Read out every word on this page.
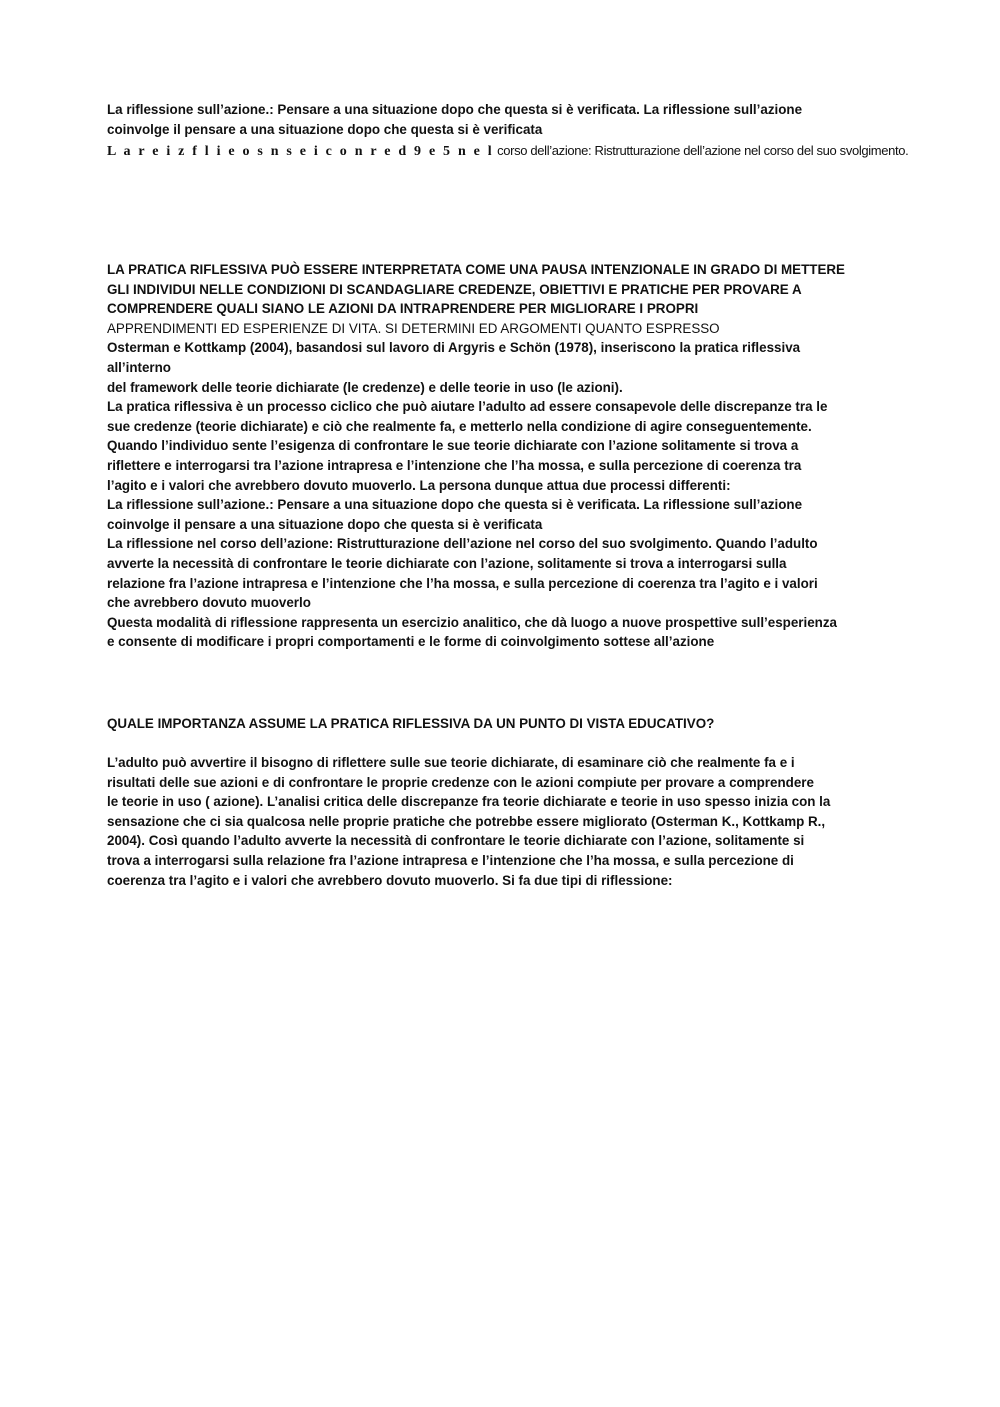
La riflessione sull’azione.: Pensare a una situazione dopo che questa si è verificata. La riflessione sull’azione

coinvolge il pensare a una situazione dopo che questa si è verificata

L a r e i z f l i e o s n s e i c o n r e d 9 e 5 n e l corso dell’azione: Ristrutturazione dell’azione nel corso del suo svolgimento.

LA PRATICA RIFLESSIVA PUÒ ESSERE INTERPRETATA COME UNA PAUSA INTENZIONALE IN GRADO DI METTERE

GLI INDIVIDUI NELLE CONDIZIONI DI SCANDAGLIARE CREDENZE, OBIETTIVI E PRATICHE PER PROVARE A

COMPRENDERE QUALI SIANO LE AZIONI DA INTRAPRENDERE PER MIGLIORARE I PROPRI

APPRENDIMENTI ED ESPERIENZE DI VITA. SI DETERMINI ED ARGOMENTI QUANTO ESPRESSO

Osterman e Kottkamp (2004), basandosi sul lavoro di Argyris e Schön (1978), inseriscono la pratica riflessiva

all’interno

del framework delle teorie dichiarate (le credenze) e delle teorie in uso (le azioni).

La pratica riflessiva è un processo ciclico che può aiutare l’adulto ad essere consapevole delle discrepanze tra le

sue credenze (teorie dichiarate) e ciò che realmente fa, e metterlo nella condizione di agire conseguentemente.

Quando l’individuo sente l’esigenza di confrontare le sue teorie dichiarate con l’azione solitamente si trova a

riflettere e interrogarsi tra l’azione intrapresa e l’intenzione che l’ha mossa, e sulla percezione di coerenza tra

l’agito e i valori che avrebbero dovuto muoverlo. La persona dunque attua due processi differenti:

La riflessione sull’azione.: Pensare a una situazione dopo che questa si è verificata. La riflessione sull’azione

coinvolge il pensare a una situazione dopo che questa si è verificata

La riflessione nel corso dell’azione: Ristrutturazione dell’azione nel corso del suo svolgimento. Quando l’adulto

avverte la necessità di confrontare le teorie dichiarate con l’azione, solitamente si trova a interrogarsi sulla

relazione fra l’azione intrapresa e l’intenzione che l’ha mossa, e sulla percezione di coerenza tra l’agito e i valori

che avrebbero dovuto muoverlo

Questa modalità di riflessione rappresenta un esercizio analitico, che dà luogo a nuove prospettive sull’esperienza

e consente di modificare i propri comportamenti e le forme di coinvolgimento sottese all’azione

QUALE IMPORTANZA ASSUME LA PRATICA RIFLESSIVA DA UN PUNTO DI VISTA EDUCATIVO?

L’adulto può avvertire il bisogno di riflettere sulle sue teorie dichiarate, di esaminare ciò che realmente fa e i

risultati delle sue azioni e di confrontare le proprie credenze con le azioni compiute per provare a comprendere

le teorie in uso ( azione). L’analisi critica delle discrepanze fra teorie dichiarate e teorie in uso spesso inizia con la

sensazione che ci sia qualcosa nelle proprie pratiche che potrebbe essere migliorato (Osterman K., Kottkamp R.,

2004). Così quando l’adulto avverte la necessità di confrontare le teorie dichiarate con l’azione, solitamente si

trova a interrogarsi sulla relazione fra l’azione intrapresa e l’intenzione che l’ha mossa, e sulla percezione di

coerenza tra l’agito e i valori che avrebbero dovuto muoverlo. Si fa due tipi di riflessione:
